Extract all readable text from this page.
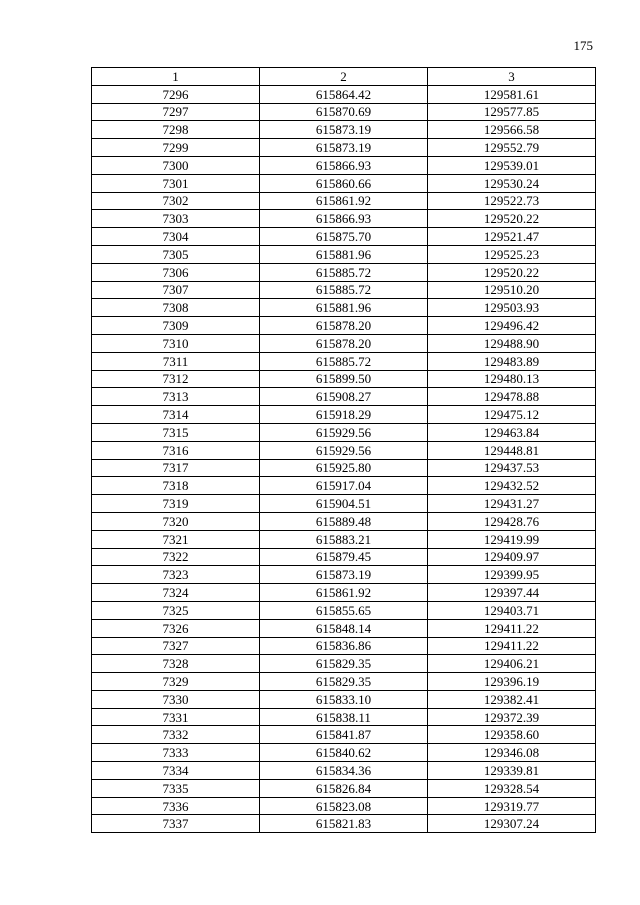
175
1	2	3
7296	615864.42	129581.61
7297	615870.69	129577.85
7298	615873.19	129566.58
7299	615873.19	129552.79
7300	615866.93	129539.01
7301	615860.66	129530.24
7302	615861.92	129522.73
7303	615866.93	129520.22
7304	615875.70	129521.47
7305	615881.96	129525.23
7306	615885.72	129520.22
7307	615885.72	129510.20
7308	615881.96	129503.93
7309	615878.20	129496.42
7310	615878.20	129488.90
7311	615885.72	129483.89
7312	615899.50	129480.13
7313	615908.27	129478.88
7314	615918.29	129475.12
7315	615929.56	129463.84
7316	615929.56	129448.81
7317	615925.80	129437.53
7318	615917.04	129432.52
7319	615904.51	129431.27
7320	615889.48	129428.76
7321	615883.21	129419.99
7322	615879.45	129409.97
7323	615873.19	129399.95
7324	615861.92	129397.44
7325	615855.65	129403.71
7326	615848.14	129411.22
7327	615836.86	129411.22
7328	615829.35	129406.21
7329	615829.35	129396.19
7330	615833.10	129382.41
7331	615838.11	129372.39
7332	615841.87	129358.60
7333	615840.62	129346.08
7334	615834.36	129339.81
7335	615826.84	129328.54
7336	615823.08	129319.77
7337	615821.83	129307.24
